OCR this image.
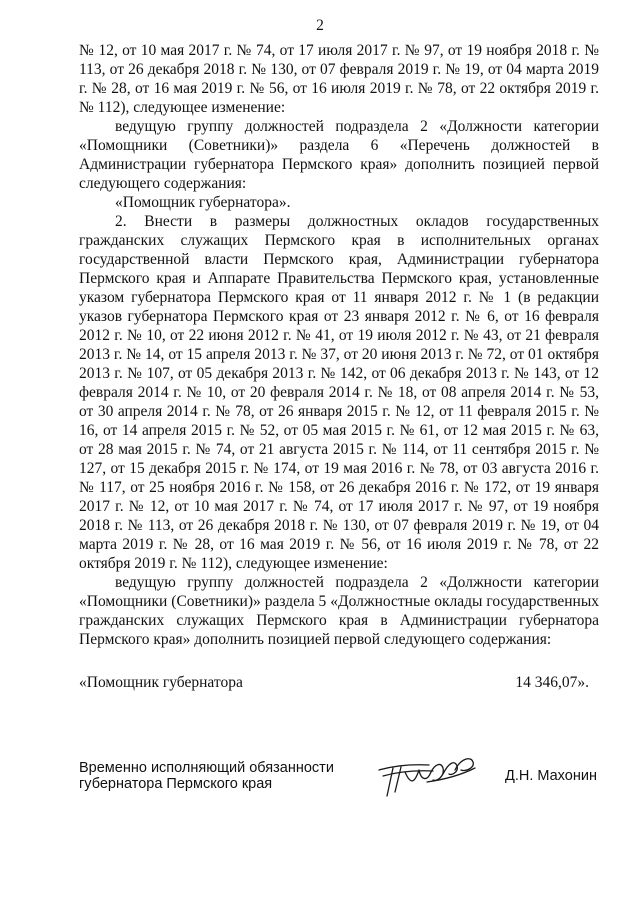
2

№ 12, от 10 мая 2017 г. № 74, от 17 июля 2017 г. № 97, от 19 ноября 2018 г. № 113, от 26 декабря 2018 г. № 130, от 07 февраля 2019 г. № 19, от 04 марта 2019 г. № 28, от 16 мая 2019 г. № 56, от 16 июля 2019 г. № 78, от 22 октября 2019 г. № 112), следующее изменение:

ведущую группу должностей подраздела 2 «Должности категории «Помощники (Советники)» раздела 6 «Перечень должностей в Администрации губернатора Пермского края» дополнить позицией первой следующего содержания:

«Помощник губернатора».

2. Внести в размеры должностных окладов государственных гражданских служащих Пермского края в исполнительных органах государственной власти Пермского края, Администрации губернатора Пермского края и Аппарате Правительства Пермского края, установленные указом губернатора Пермского края от 11 января 2012 г. № 1 (в редакции указов губернатора Пермского края от 23 января 2012 г. № 6, от 16 февраля 2012 г. № 10, от 22 июня 2012 г. № 41, от 19 июля 2012 г. № 43, от 21 февраля 2013 г. № 14, от 15 апреля 2013 г. № 37, от 20 июня 2013 г. № 72, от 01 октября 2013 г. № 107, от 05 декабря 2013 г. № 142, от 06 декабря 2013 г. № 143, от 12 февраля 2014 г. № 10, от 20 февраля 2014 г. № 18, от 08 апреля 2014 г. № 53, от 30 апреля 2014 г. № 78, от 26 января 2015 г. № 12, от 11 февраля 2015 г. № 16, от 14 апреля 2015 г. № 52, от 05 мая 2015 г. № 61, от 12 мая 2015 г. № 63, от 28 мая 2015 г. № 74, от 21 августа 2015 г. № 114, от 11 сентября 2015 г. № 127, от 15 декабря 2015 г. № 174, от 19 мая 2016 г. № 78, от 03 августа 2016 г. № 117, от 25 ноября 2016 г. № 158, от 26 декабря 2016 г. № 172, от 19 января 2017 г. № 12, от 10 мая 2017 г. № 74, от 17 июля 2017 г. № 97, от 19 ноября 2018 г. № 113, от 26 декабря 2018 г. № 130, от 07 февраля 2019 г. № 19, от 04 марта 2019 г. № 28, от 16 мая 2019 г. № 56, от 16 июля 2019 г. № 78, от 22 октября 2019 г. № 112), следующее изменение:

ведущую группу должностей подраздела 2 «Должности категории «Помощники (Советники)» раздела 5 «Должностные оклады государственных гражданских служащих Пермского края в Администрации губернатора Пермского края» дополнить позицией первой следующего содержания:

«Помощник губернатора	14 346,07».
Временно исполняющий обязанности
губернатора Пермского края	Д.Н. Махонин
